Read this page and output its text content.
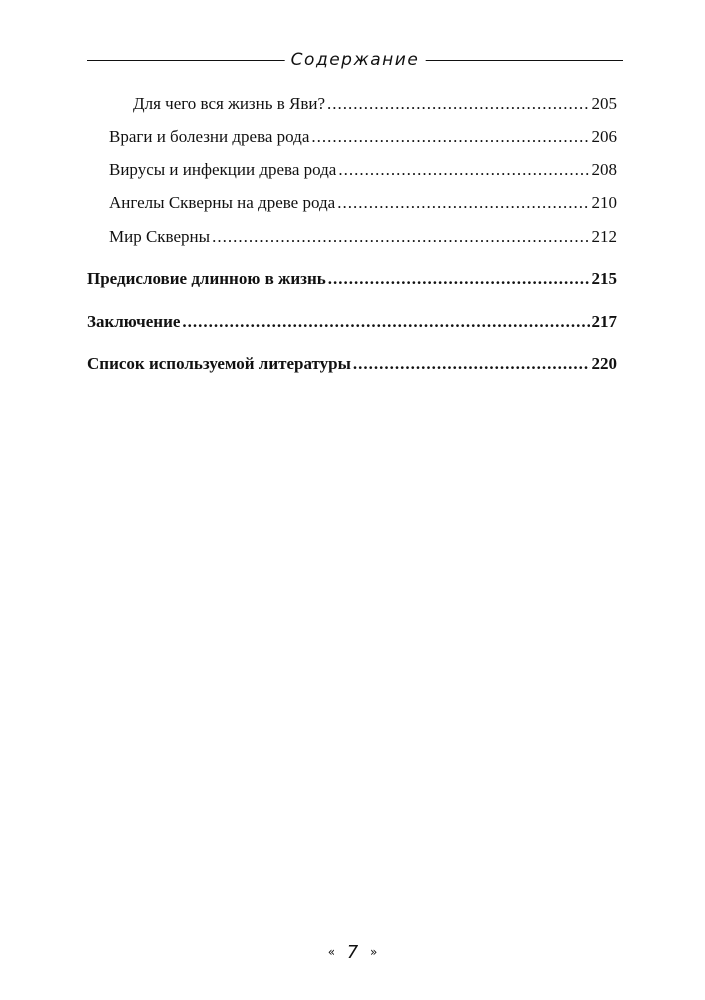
Содержание
Для чего вся жизнь в Яви? .....	205
Враги и болезни древа рода .....	206
Вирусы и инфекции древа рода .....	208
Ангелы Скверны на древе рода .....	210
Мир Скверны .....	212
Предисловие длинною в жизнь .....	215
Заключение .....	217
Список используемой литературы .....	220
« 7 »
